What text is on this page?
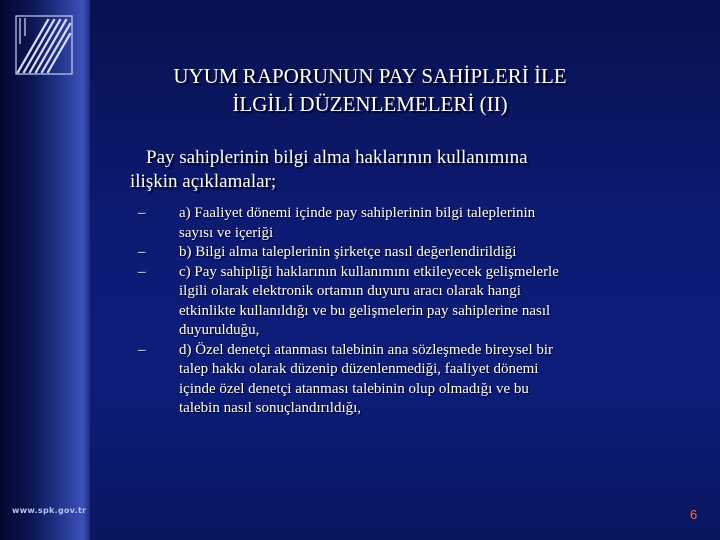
www.spk.gov.tr
UYUM RAPORUNUN PAY SAHİPLERİ İLE
İLGİLİ DÜZENLEMELERİ (II)
Pay sahiplerinin bilgi alma haklarının kullanımına
ilişkin açıklamalar;
– a) Faaliyet dönemi içinde pay sahiplerinin bilgi taleplerinin
sayısı ve içeriği
– b) Bilgi alma taleplerinin şirketçe nasıl değerlendirildiği
– c) Pay sahipliği haklarının kullanımını etkileyecek gelişmelerle
ilgili olarak elektronik ortamın duyuru aracı olarak hangi
etkinlikte kullanıldığı ve bu gelişmelerin pay sahiplerine nasıl
duyurulduğu,
– d) Özel denetçi atanması talebinin ana sözleşmede bireysel bir
talep hakkı olarak düzenip düzenlenmediği, faaliyet dönemi
içinde özel denetçi atanması talebinin olup olmadığı ve bu
talebin nasıl sonuçlandırıldığı,
6
